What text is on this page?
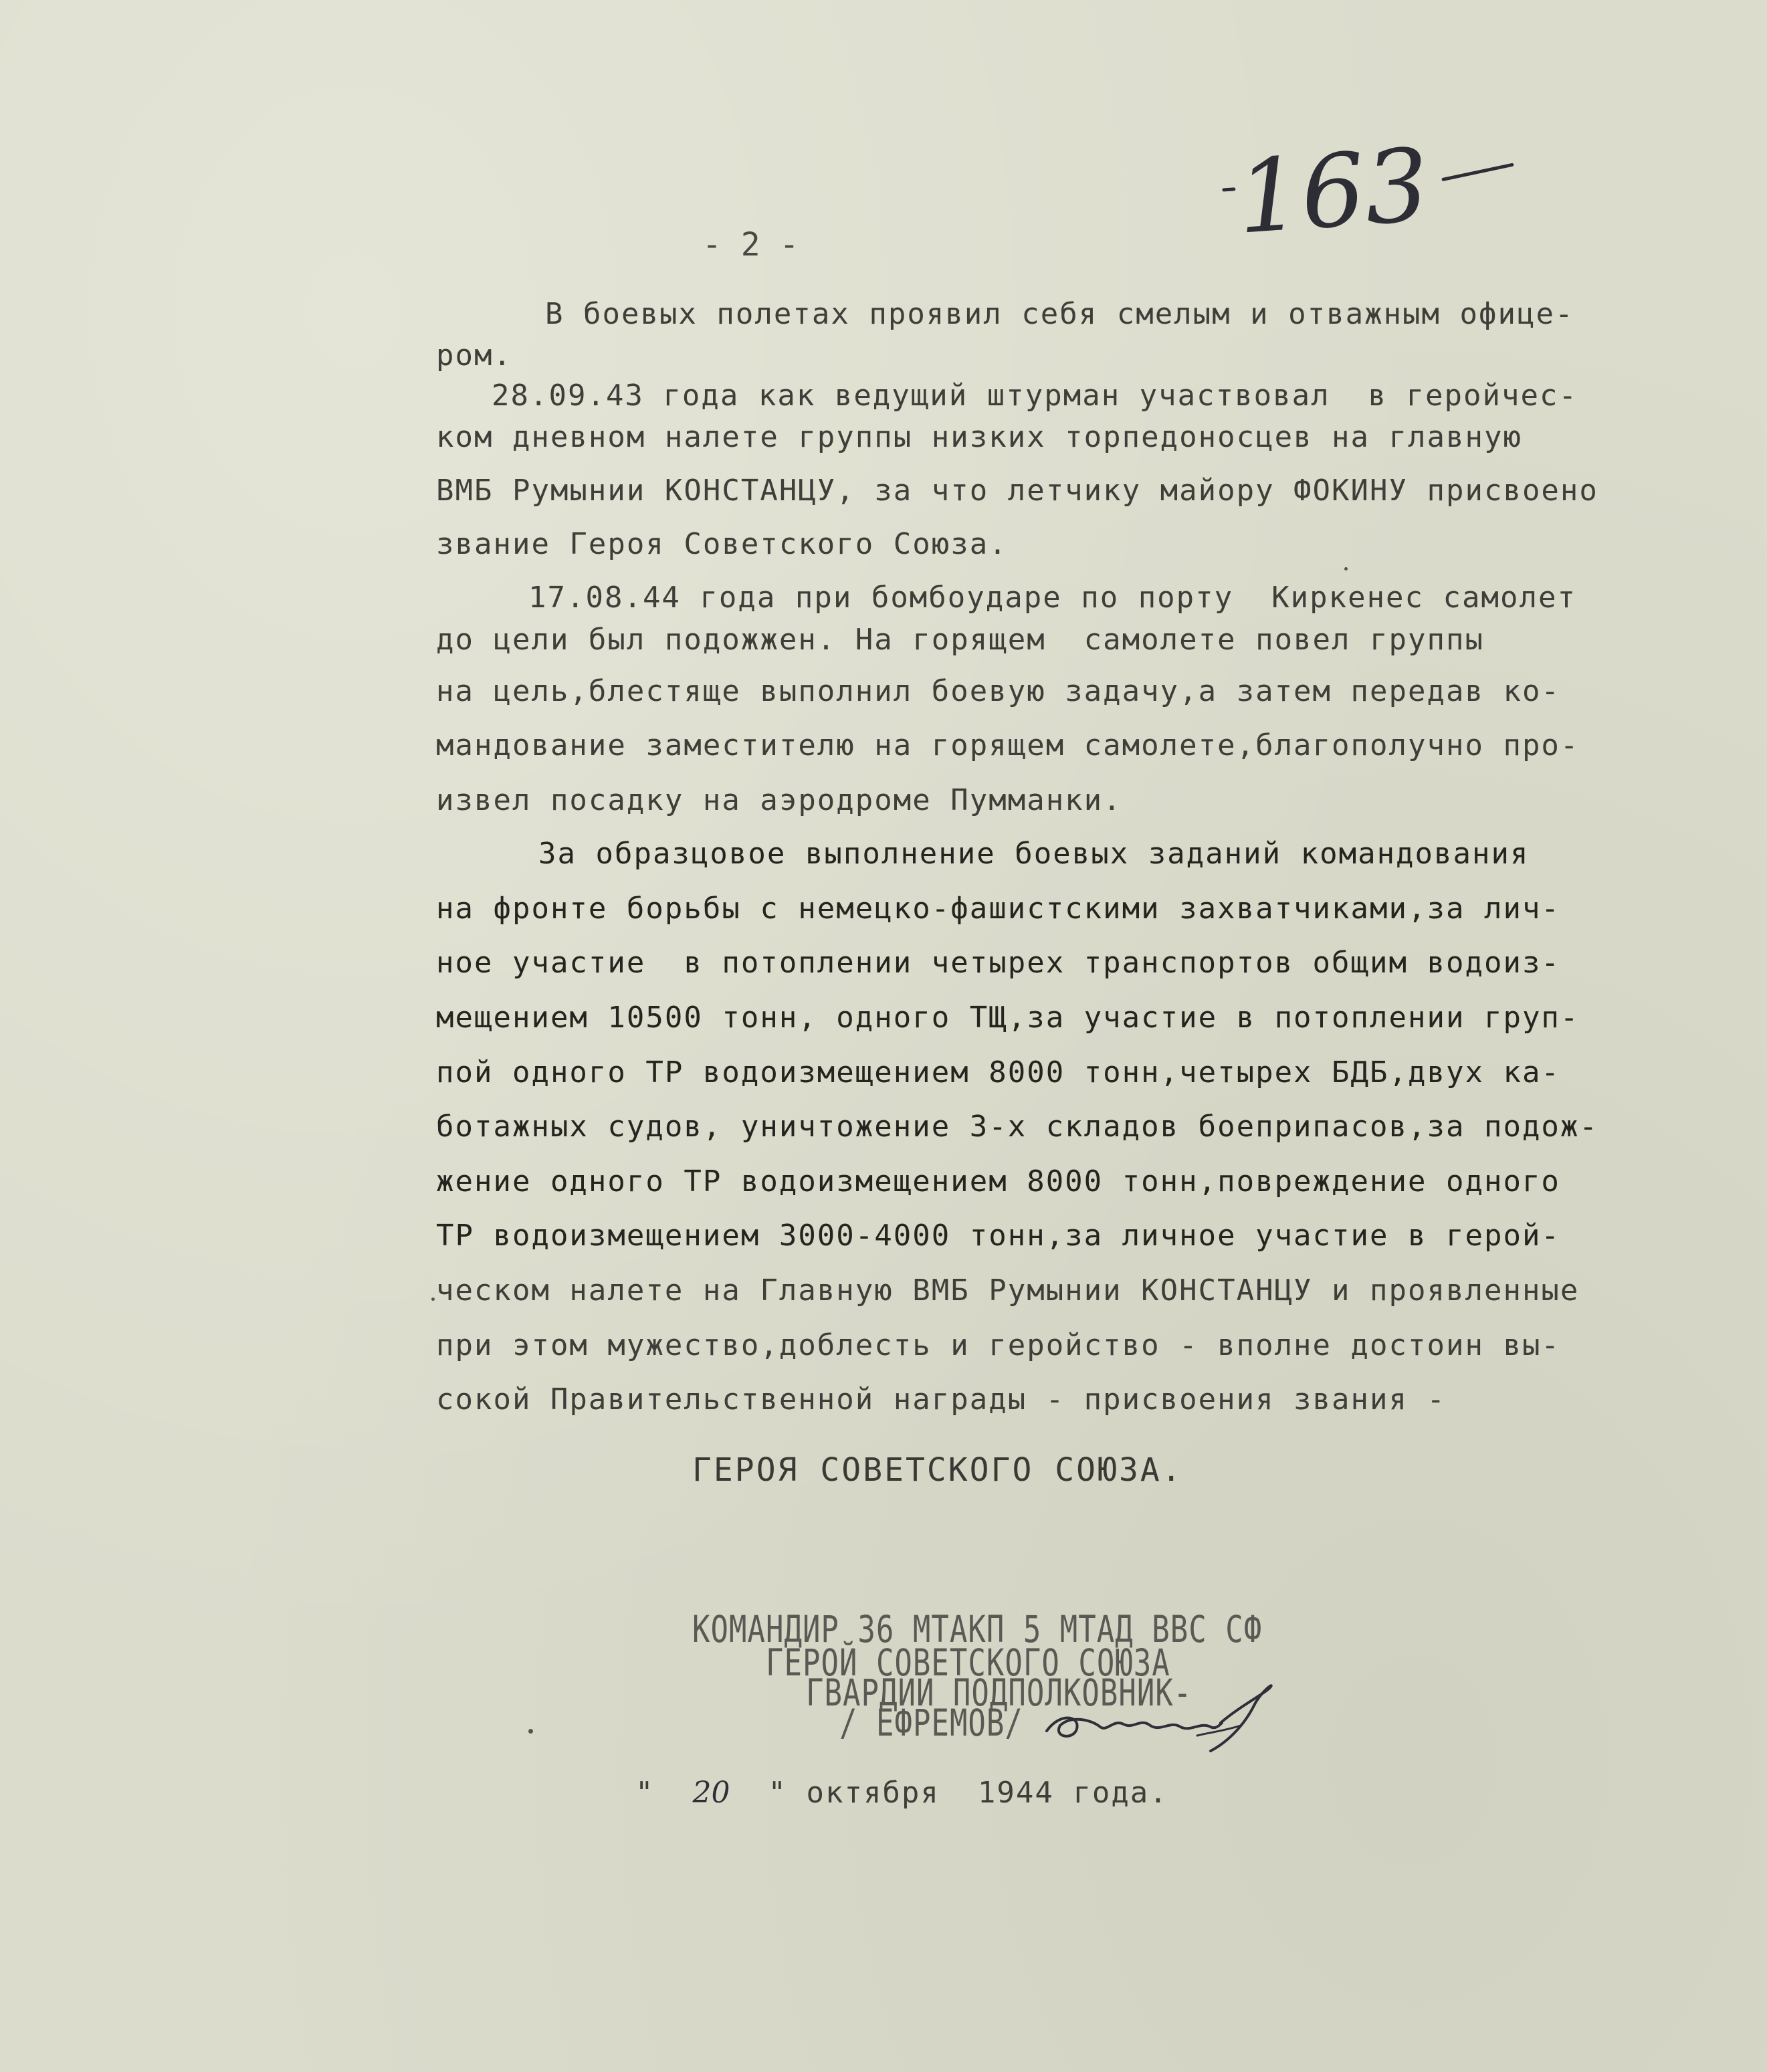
163
- 2 -
В боевых полетах проявил себя смелым и отважным офице-
ром.
28.09.43 года как ведущий штурман участвовал  в геройчес-
ком дневном налете группы низких торпедоносцев на главную
ВМБ Румынии КОНСТАНЦУ, за что летчику майору ФОКИНУ присвоено
звание Героя Советского Союза.
17.08.44 года при бомбоударе по порту  Киркенес самолет
до цели был подожжен. На горящем  самолете повел группы
на цель,блестяще выполнил боевую задачу,а затем передав ко-
мандование заместителю на горящем самолете,благополучно про-
извел посадку на аэродроме Пумманки.
За образцовое выполнение боевых заданий командования
на фронте борьбы с немецко-фашистскими захватчиками,за лич-
ное участие  в потоплении четырех транспортов общим водоиз-
мещением 10500 тонн, одного ТЩ,за участие в потоплении груп-
пой одного ТР водоизмещением 8000 тонн,четырех БДБ,двух ка-
ботажных судов, уничтожение 3-х складов боеприпасов,за подож-
жение одного ТР водоизмещением 8000 тонн,повреждение одного
ТР водоизмещением 3000-4000 тонн,за личное участие в герой-
ческом налете на Главную ВМБ Румынии КОНСТАНЦУ и проявленные
при этом мужество,доблесть и геройство - вполне достоин вы-
сокой Правительственной награды - присвоения звания -
ГЕРОЯ СОВЕТСКОГО СОЮЗА.
КОМАНДИР 36 МТАКП 5 МТАД ВВС СФ
ГЕРОЙ СОВЕТСКОГО СОЮЗА
ГВАРДИИ ПОДПОЛКОВНИК-
/ ЕФРЕМОВ/
" 20 " октября  1944 года.
